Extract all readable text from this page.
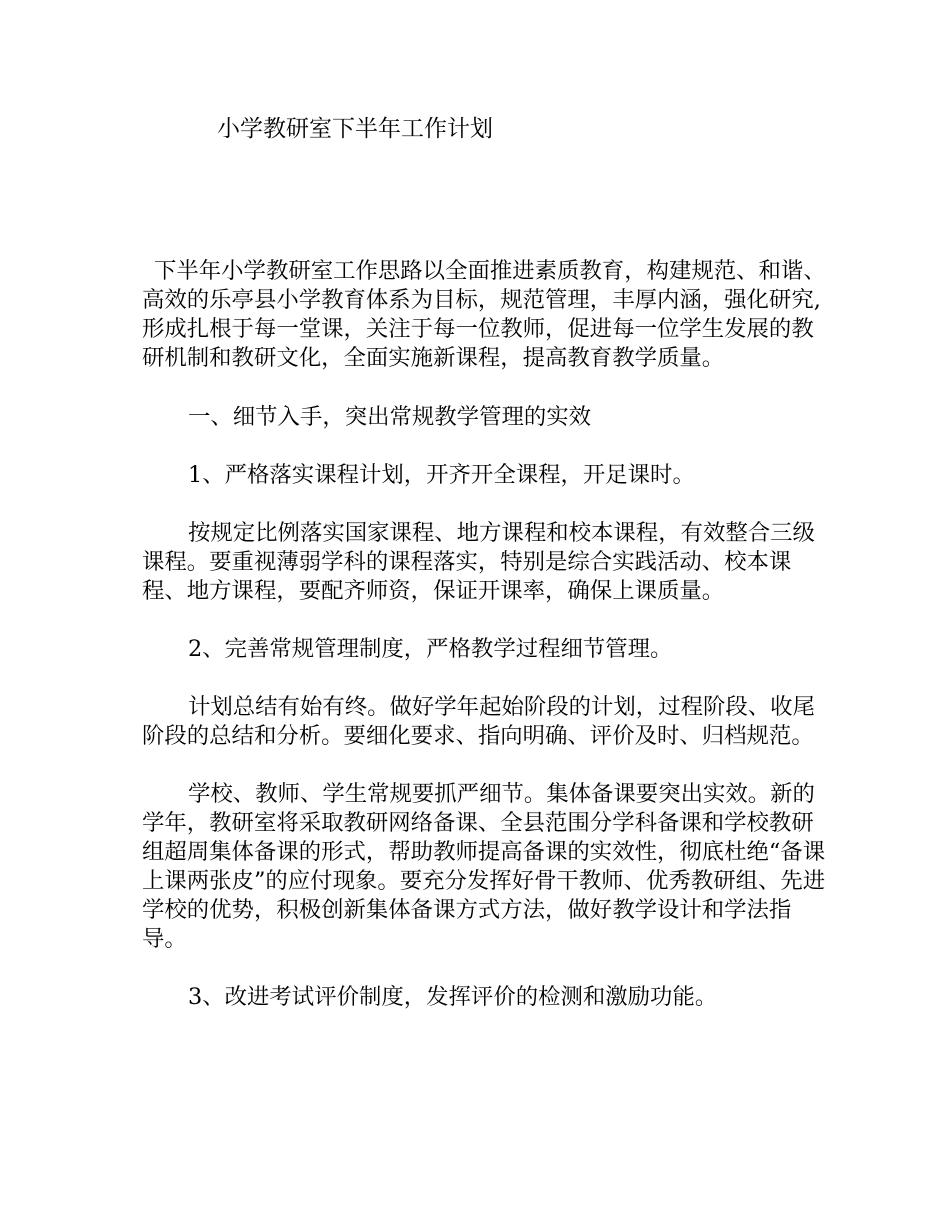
小学教研室下半年工作计划

下半年小学教研室工作思路以全面推进素质教育，构建规范、和谐、高效的乐亭县小学教育体系为目标，规范管理，丰厚内涵，强化研究,形成扎根于每一堂课，关注于每一位教师，促进每一位学生发展的教研机制和教研文化，全面实施新课程，提高教育教学质量。

一、细节入手，突出常规教学管理的实效

1、严格落实课程计划，开齐开全课程，开足课时。

按规定比例落实国家课程、地方课程和校本课程，有效整合三级课程。要重视薄弱学科的课程落实，特别是综合实践活动、校本课程、地方课程，要配齐师资，保证开课率，确保上课质量。

2、完善常规管理制度，严格教学过程细节管理。

计划总结有始有终。做好学年起始阶段的计划，过程阶段、收尾阶段的总结和分析。要细化要求、指向明确、评价及时、归档规范。

学校、教师、学生常规要抓严细节。集体备课要突出实效。新的学年，教研室将采取教研网络备课、全县范围分学科备课和学校教研组超周集体备课的形式，帮助教师提高备课的实效性，彻底杜绝“备课上课两张皮”的应付现象。要充分发挥好骨干教师、优秀教研组、先进学校的优势，积极创新集体备课方式方法，做好教学设计和学法指导。

3、改进考试评价制度，发挥评价的检测和激励功能。
